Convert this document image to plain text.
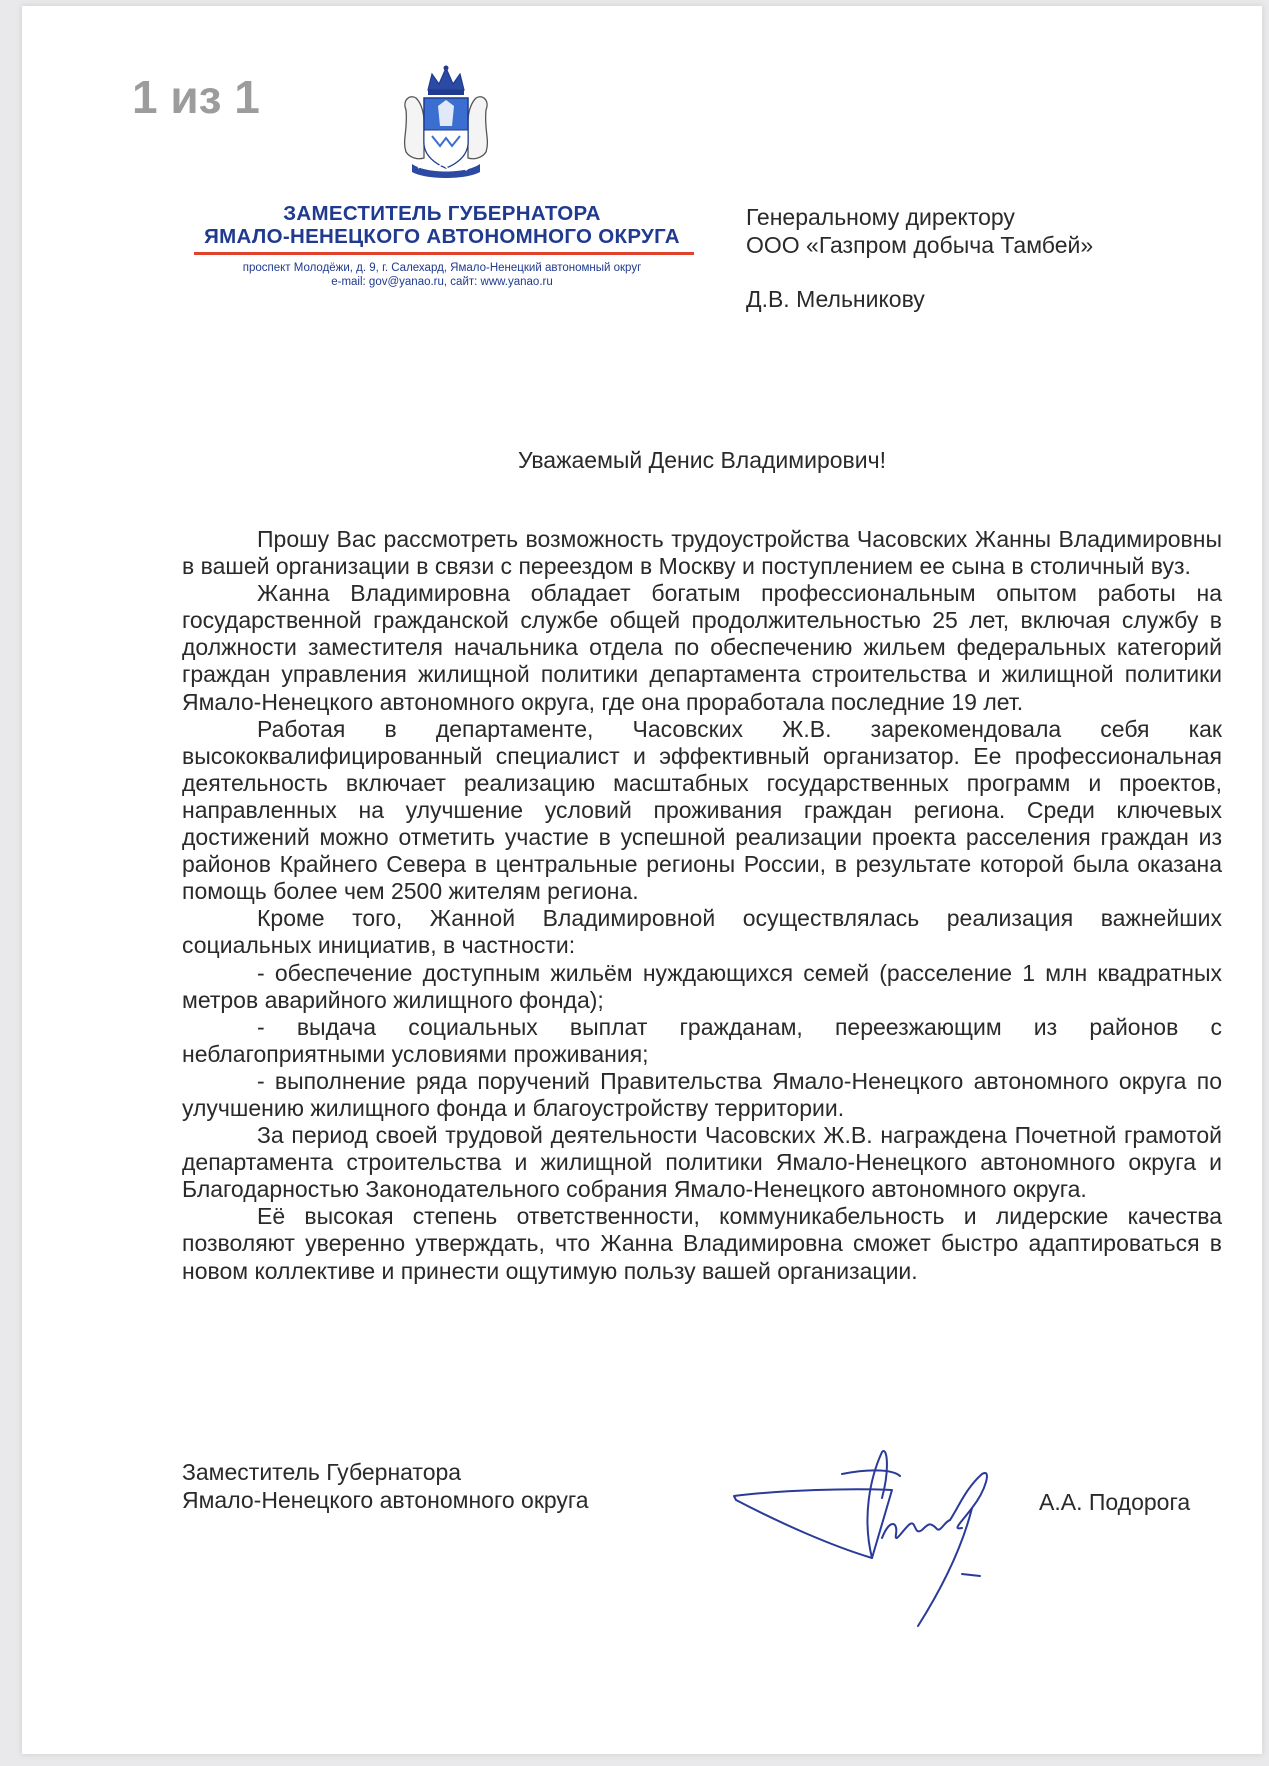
1 из 1
ЗАМЕСТИТЕЛЬ ГУБЕРНАТОРА
ЯМАЛО-НЕНЕЦКОГО АВТОНОМНОГО ОКРУГА
проспект Молодёжи, д. 9, г. Салехард, Ямало-Ненецкий автономный округ
e-mail: gov@yanao.ru, сайт: www.yanao.ru
Генеральному директору
ООО «Газпром добыча Тамбей»
Д.В. Мельникову
Уважаемый Денис Владимирович!

Прошу Вас рассмотреть возможность трудоустройства Часовских Жанны Владимировны в вашей организации в связи с переездом в Москву и поступлением ее сына в столичный вуз.

Жанна Владимировна обладает богатым профессиональным опытом работы на государственной гражданской службе общей продолжительностью 25 лет, включая службу в должности заместителя начальника отдела по обеспечению жильем федеральных категорий граждан управления жилищной политики департамента строительства и жилищной политики Ямало-Ненецкого автономного округа, где она проработала последние 19 лет.

Работая в департаменте, Часовских Ж.В. зарекомендовала себя как высококвалифицированный специалист и эффективный организатор. Ее профессиональная деятельность включает реализацию масштабных государственных программ и проектов, направленных на улучшение условий проживания граждан региона. Среди ключевых достижений можно отметить участие в успешной реализации проекта расселения граждан из районов Крайнего Севера в центральные регионы России, в результате которой была оказана помощь более чем 2500 жителям региона.

Кроме того, Жанной Владимировной осуществлялась реализация важнейших социальных инициатив, в частности:

- обеспечение доступным жильём нуждающихся семей (расселение 1 млн квадратных метров аварийного жилищного фонда);

- выдача социальных выплат гражданам, переезжающим из районов с неблагоприятными условиями проживания;

- выполнение ряда поручений Правительства Ямало-Ненецкого автономного округа по улучшению жилищного фонда и благоустройству территории.

За период своей трудовой деятельности Часовских Ж.В. награждена Почетной грамотой департамента строительства и жилищной политики Ямало-Ненецкого автономного округа и Благодарностью Законодательного собрания Ямало-Ненецкого автономного округа.

Её высокая степень ответственности, коммуникабельность и лидерские качества позволяют уверенно утверждать, что Жанна Владимировна сможет быстро адаптироваться в новом коллективе и принести ощутимую пользу вашей организации.

Заместитель Губернатора
Ямало-Ненецкого автономного округа	А.А. Подорога
